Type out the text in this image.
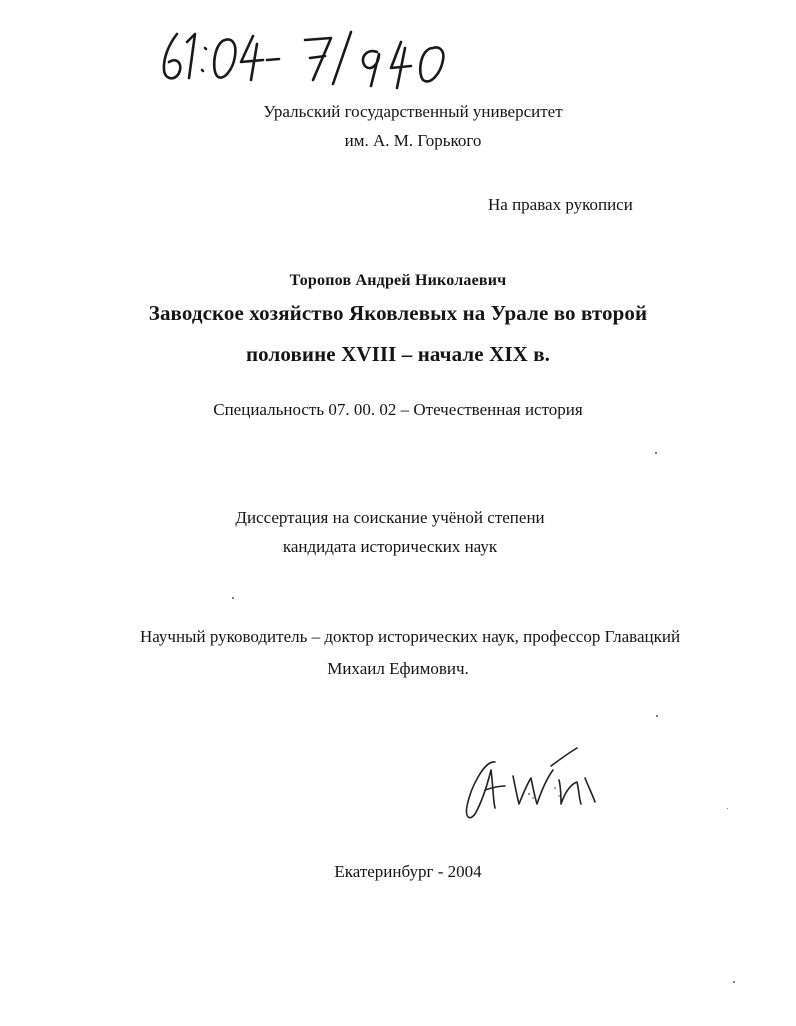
Уральский государственный университет
им. А. М. Горького
На правах рукописи
Торопов Андрей Николаевич
Заводское хозяйство Яковлевых на Урале во второй
половине XVIII – начале XIX в.
Специальность 07. 00. 02 – Отечественная история
Диссертация на соискание учёной степени
кандидата исторических наук
Научный руководитель – доктор исторических наук, профессор Главацкий
Михаил Ефимович.
Екатеринбург - 2004
